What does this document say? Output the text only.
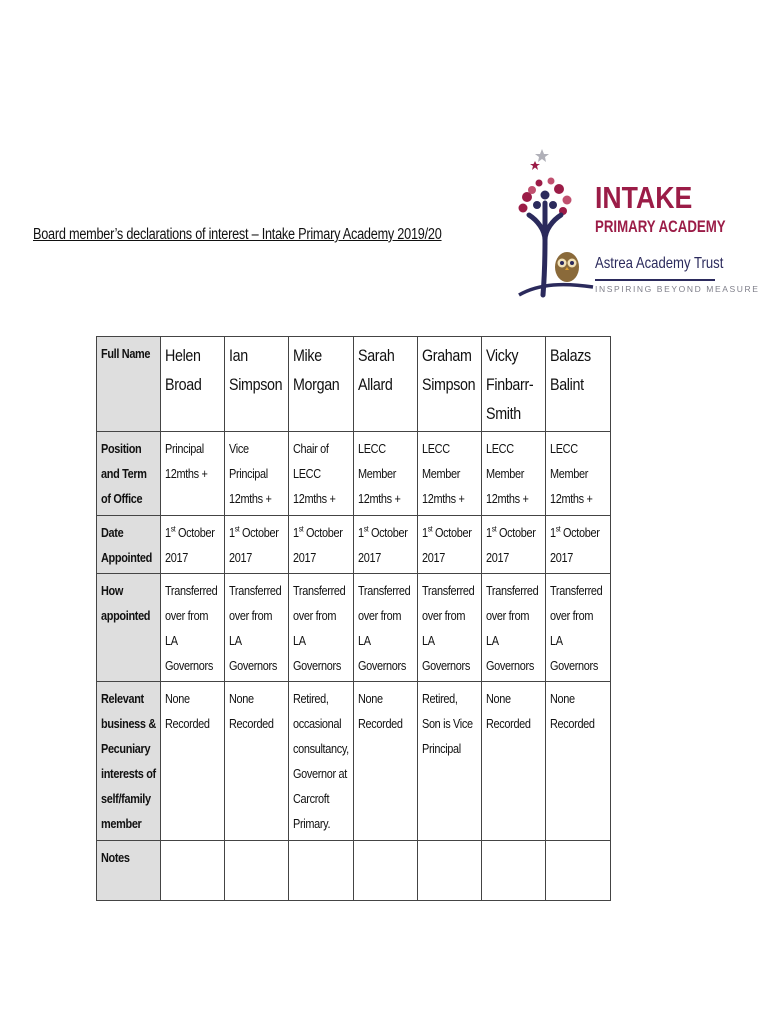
Board member’s declarations of interest – Intake Primary Academy 2019/20
INTAKE
PRIMARY ACADEMY
Astrea Academy Trust
INSPIRING BEYOND MEASURE
Full Name	Helen Broad	Ian Simpson	Mike Morgan	Sarah Allard	Graham Simpson	Vicky Finbarr-Smith	Balazs Balint

Position and Term of Office	Principal 12mths +	Vice Principal 12mths +	Chair of LECC 12mths +	LECC Member 12mths +	LECC Member 12mths +	LECC Member 12mths +	LECC Member 12mths +

Date Appointed	1st October 2017	1st October 2017	1st October 2017	1st October 2017	1st October 2017	1st October 2017	1st October 2017

How appointed	Transferred over from LA Governors	Transferred over from LA Governors	Transferred over from LA Governors	Transferred over from LA Governors	Transferred over from LA Governors	Transferred over from LA Governors	Transferred over from LA Governors

Relevant business & Pecuniary interests of self/family member	None Recorded	None Recorded	Retired, occasional consultancy, Governor at Carcroft Primary.	None Recorded	Retired, Son is Vice Principal	None Recorded	None Recorded

Notes							
